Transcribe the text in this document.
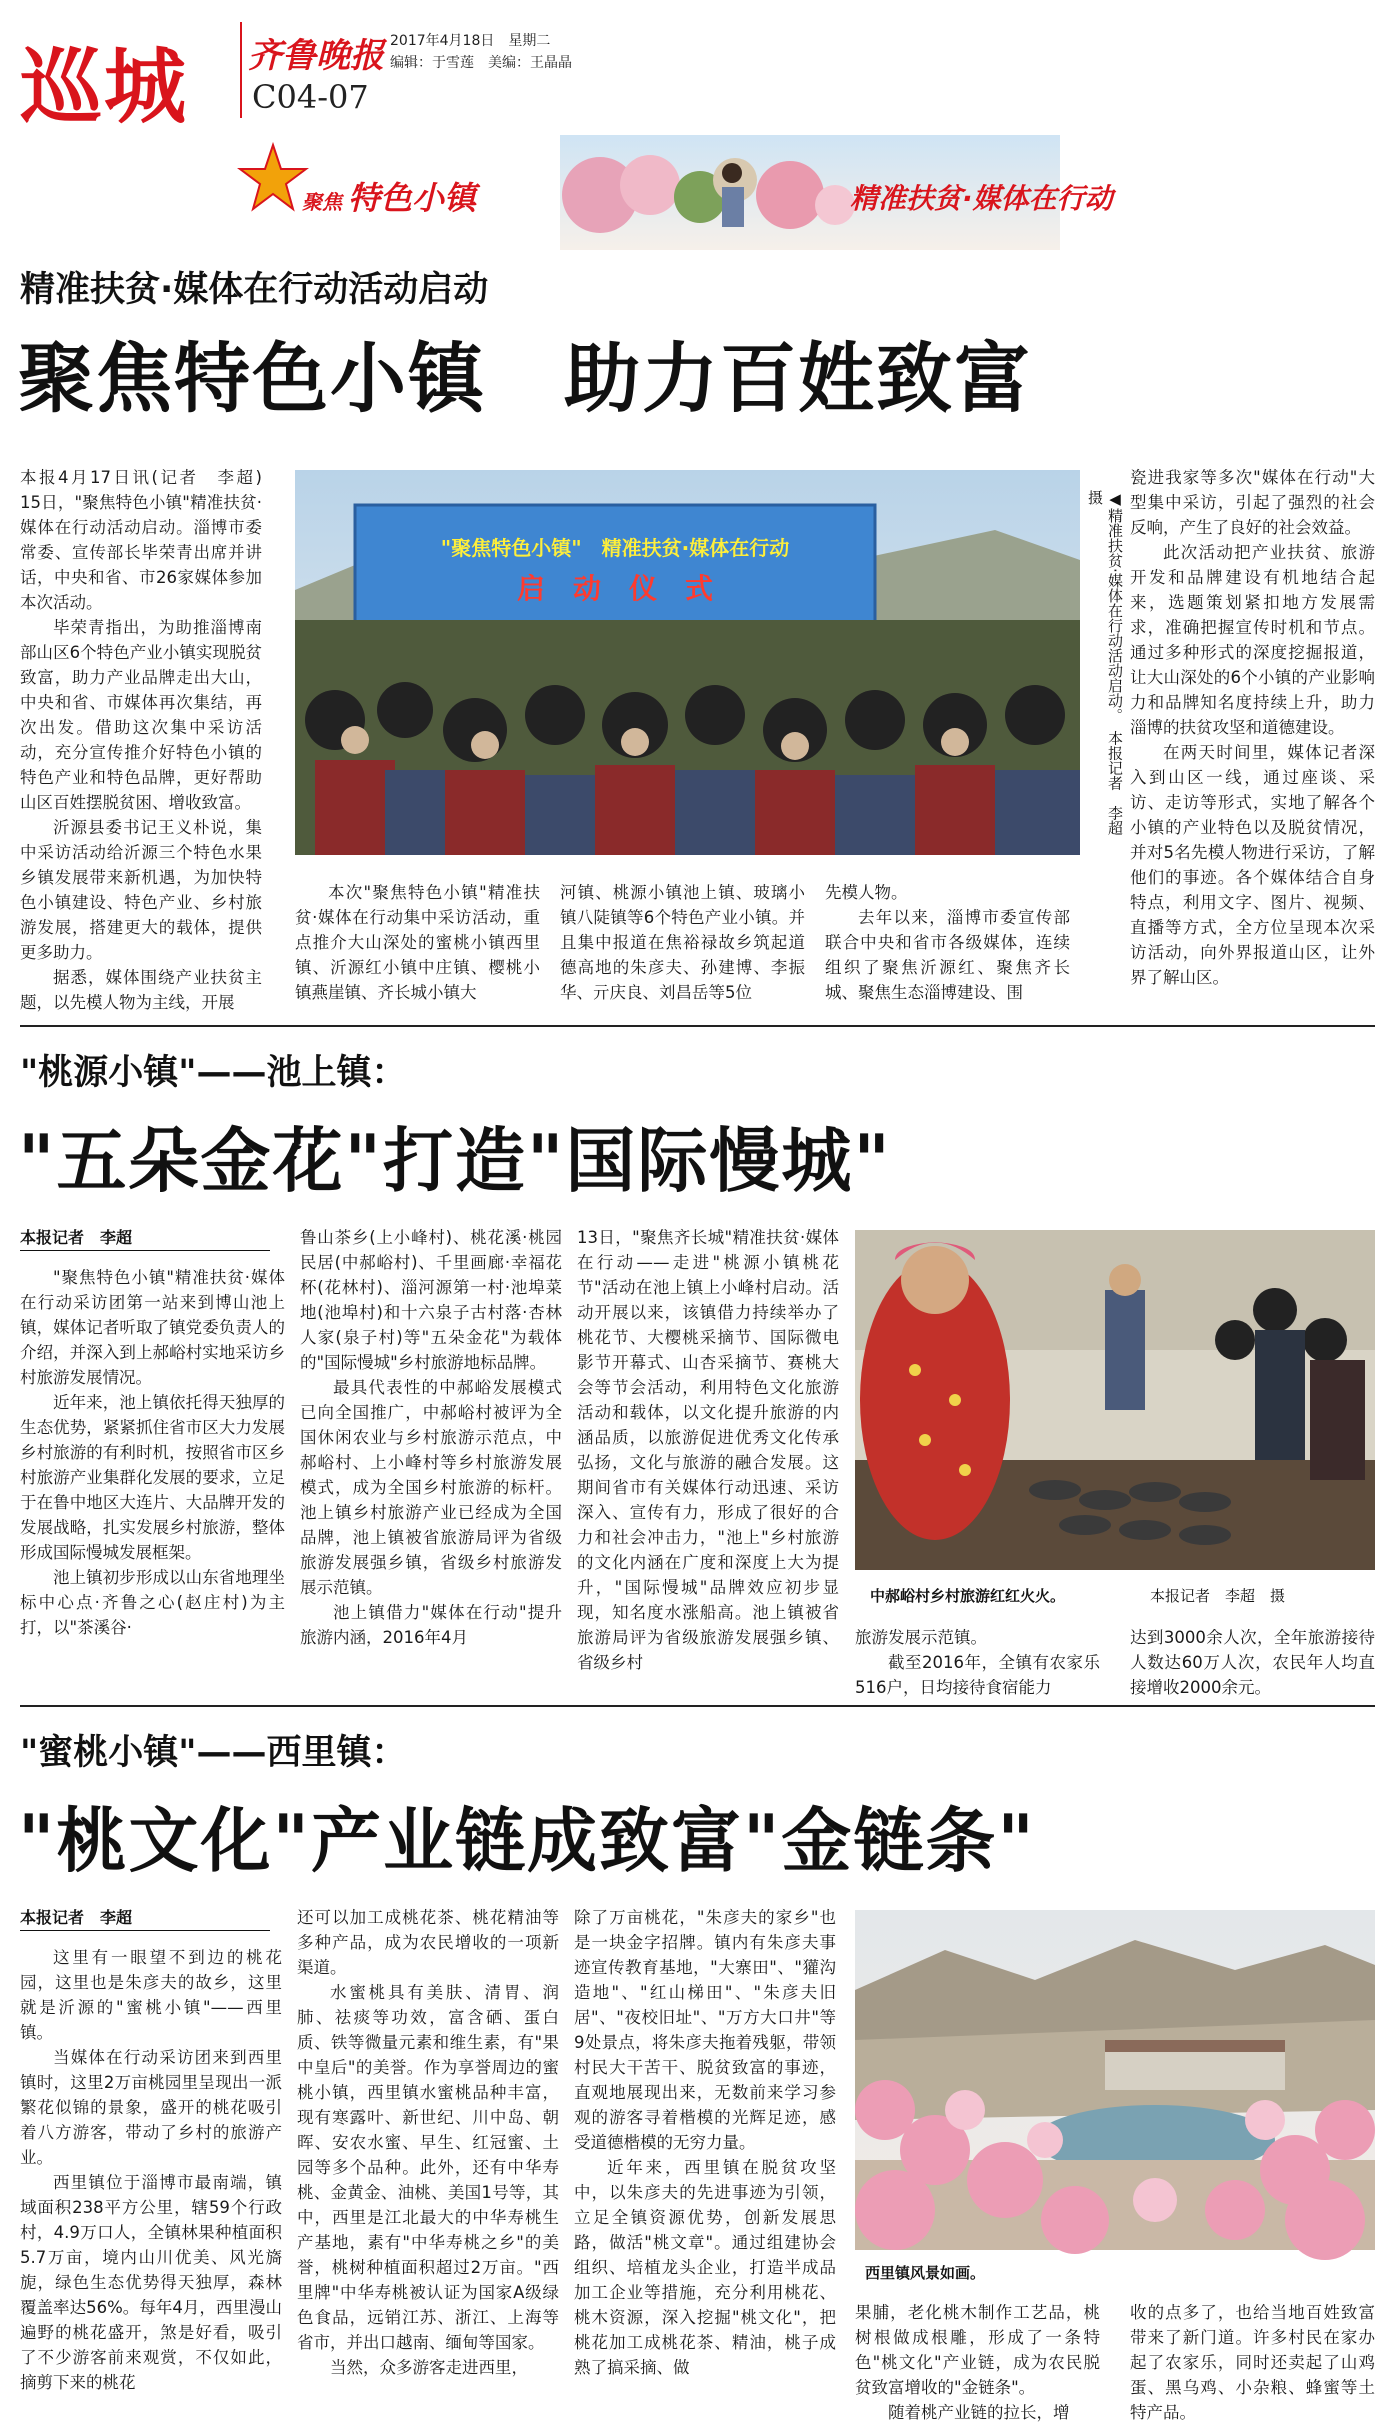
巡城 齐鲁晚报 2017年4月18日　星期二
编辑：于雪莲　美编：王晶晶
C04-07
聚焦 特色小镇	精准扶贫·媒体在行动
精准扶贫·媒体在行动活动启动
聚焦特色小镇　助力百姓致富

本报4月17日讯(记者　李超)　15日，"聚焦特色小镇"精准扶贫·媒体在行动活动启动。淄博市委常委、宣传部长毕荣青出席并讲话，中央和省、市26家媒体参加本次活动。

毕荣青指出，为助推淄博南部山区6个特色产业小镇实现脱贫致富，助力产业品牌走出大山，中央和省、市媒体再次集结，再次出发。借助这次集中采访活动，充分宣传推介好特色小镇的特色产业和特色品牌，更好帮助山区百姓摆脱贫困、增收致富。

沂源县委书记王义朴说，集中采访活动给沂源三个特色水果乡镇发展带来新机遇，为加快特色小镇建设、特色产业、乡村旅游发展，搭建更大的载体，提供更多助力。

据悉，媒体围绕产业扶贫主题，以先模人物为主线，开展

"聚焦特色小镇"　精准扶贫·媒体在行动
启　动　仪　式	◀精准扶贫·媒体在行动活动启动。　本报记者　李超　摄

本次"聚焦特色小镇"精准扶贫·媒体在行动集中采访活动，重点推介大山深处的蜜桃小镇西里镇、沂源红小镇中庄镇、樱桃小镇燕崖镇、齐长城小镇大

河镇、桃源小镇池上镇、玻璃小镇八陡镇等6个特色产业小镇。并且集中报道在焦裕禄故乡筑起道德高地的朱彦夫、孙建博、李振华、亓庆良、刘昌岳等5位

先模人物。

去年以来，淄博市委宣传部联合中央和省市各级媒体，连续组织了聚焦沂源红、聚焦齐长城、聚焦生态淄博建设、围

瓷进我家等多次"媒体在行动"大型集中采访，引起了强烈的社会反响，产生了良好的社会效益。

此次活动把产业扶贫、旅游开发和品牌建设有机地结合起来，选题策划紧扣地方发展需求，准确把握宣传时机和节点。通过多种形式的深度挖掘报道，让大山深处的6个小镇的产业影响力和品牌知名度持续上升，助力淄博的扶贫攻坚和道德建设。

在两天时间里，媒体记者深入到山区一线，通过座谈、采访、走访等形式，实地了解各个小镇的产业特色以及脱贫情况，并对5名先模人物进行采访，了解他们的事迹。各个媒体结合自身特点，利用文字、图片、视频、直播等方式，全方位呈现本次采访活动，向外界报道山区，让外界了解山区。

"桃源小镇"——池上镇：
"五朵金花"打造"国际慢城"
本报记者　李超

"聚焦特色小镇"精准扶贫·媒体在行动采访团第一站来到博山池上镇，媒体记者听取了镇党委负责人的介绍，并深入到上郝峪村实地采访乡村旅游发展情况。

近年来，池上镇依托得天独厚的生态优势，紧紧抓住省市区大力发展乡村旅游的有利时机，按照省市区乡村旅游产业集群化发展的要求，立足于在鲁中地区大连片、大品牌开发的发展战略，扎实发展乡村旅游，整体形成国际慢城发展框架。

池上镇初步形成以山东省地理坐标中心点·齐鲁之心(赵庄村)为主打，以"茶溪谷·

鲁山茶乡(上小峰村)、桃花溪·桃园民居(中郝峪村)、千里画廊·幸福花杯(花林村)、淄河源第一村·池埠菜地(池埠村)和十六泉子古村落·杏林人家(泉子村)等"五朵金花"为载体的"国际慢城"乡村旅游地标品牌。

最具代表性的中郝峪发展模式已向全国推广，中郝峪村被评为全国休闲农业与乡村旅游示范点，中郝峪村、上小峰村等乡村旅游发展模式，成为全国乡村旅游的标杆。池上镇乡村旅游产业已经成为全国品牌，池上镇被省旅游局评为省级旅游发展强乡镇，省级乡村旅游发展示范镇。

池上镇借力"媒体在行动"提升旅游内涵，2016年4月

13日，"聚焦齐长城"精准扶贫·媒体在行动——走进"桃源小镇桃花节"活动在池上镇上小峰村启动。活动开展以来，该镇借力持续举办了桃花节、大樱桃采摘节、国际微电影节开幕式、山杏采摘节、赛桃大会等节会活动，利用特色文化旅游活动和载体，以文化提升旅游的内涵品质，以旅游促进优秀文化传承弘扬，文化与旅游的融合发展。这期间省市有关媒体行动迅速、采访深入、宣传有力，形成了很好的合力和社会冲击力，"池上"乡村旅游的文化内涵在广度和深度上大为提升，"国际慢城"品牌效应初步显现，知名度水涨船高。池上镇被省旅游局评为省级旅游发展强乡镇、省级乡村

中郝峪村乡村旅游红红火火。	本报记者　李超　摄

旅游发展示范镇。

截至2016年，全镇有农家乐516户，日均接待食宿能力

达到3000余人次，全年旅游接待人数达60万人次，农民年人均直接增收2000余元。

"蜜桃小镇"——西里镇：
"桃文化"产业链成致富"金链条"
本报记者　李超

这里有一眼望不到边的桃花园，这里也是朱彦夫的故乡，这里就是沂源的"蜜桃小镇"——西里镇。

当媒体在行动采访团来到西里镇时，这里2万亩桃园里呈现出一派繁花似锦的景象，盛开的桃花吸引着八方游客，带动了乡村的旅游产业。

西里镇位于淄博市最南端，镇域面积238平方公里，辖59个行政村，4.9万口人，全镇林果种植面积5.7万亩，境内山川优美、风光旖旎，绿色生态优势得天独厚，森林覆盖率达56%。每年4月，西里漫山遍野的桃花盛开，煞是好看，吸引了不少游客前来观赏，不仅如此，摘剪下来的桃花

还可以加工成桃花茶、桃花精油等多种产品，成为农民增收的一项新渠道。

水蜜桃具有美肤、清胃、润肺、祛痰等功效，富含硒、蛋白质、铁等微量元素和维生素，有"果中皇后"的美誉。作为享誉周边的蜜桃小镇，西里镇水蜜桃品种丰富，现有寒露叶、新世纪、川中岛、朝晖、安农水蜜、早生、红冠蜜、土园等多个品种。此外，还有中华寿桃、金黄金、油桃、美国1号等，其中，西里是江北最大的中华寿桃生产基地，素有"中华寿桃之乡"的美誉，桃树种植面积超过2万亩。"西里牌"中华寿桃被认证为国家A级绿色食品，远销江苏、浙江、上海等省市，并出口越南、缅甸等国家。

当然，众多游客走进西里，

除了万亩桃花，"朱彦夫的家乡"也是一块金字招牌。镇内有朱彦夫事迹宣传教育基地，"大寨田"、"獾沟造地"、"红山梯田"、"朱彦夫旧居"、"夜校旧址"、"万方大口井"等9处景点，将朱彦夫拖着残躯，带领村民大干苦干、脱贫致富的事迹，直观地展现出来，无数前来学习参观的游客寻着楷模的光辉足迹，感受道德楷模的无穷力量。

近年来，西里镇在脱贫攻坚中，以朱彦夫的先进事迹为引领，立足全镇资源优势，创新发展思路，做活"桃文章"。通过组建协会组织、培植龙头企业，打造半成品加工企业等措施，充分利用桃花、桃木资源，深入挖掘"桃文化"，把桃花加工成桃花茶、精油，桃子成熟了搞采摘、做

西里镇风景如画。

果脯，老化桃木制作工艺品，桃树根做成根雕，形成了一条特色"桃文化"产业链，成为农民脱贫致富增收的"金链条"。

随着桃产业链的拉长，增

收的点多了，也给当地百姓致富带来了新门道。许多村民在家办起了农家乐，同时还卖起了山鸡蛋、黑乌鸡、小杂粮、蜂蜜等土特产品。
